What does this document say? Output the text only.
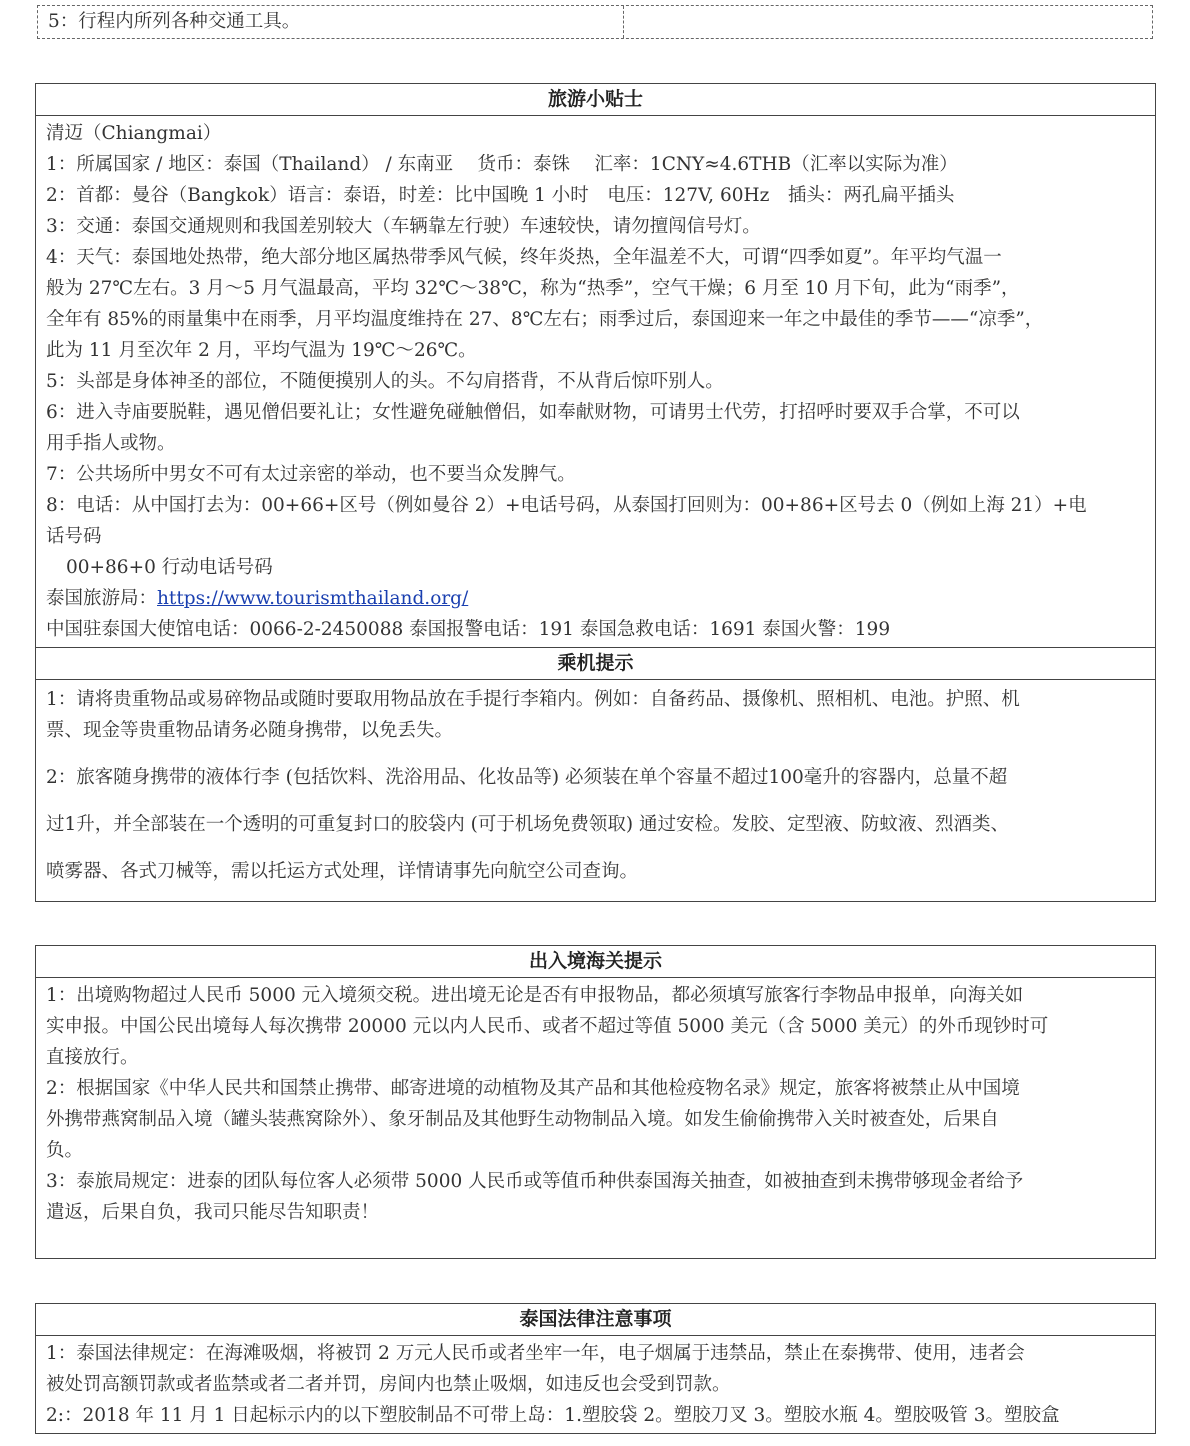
5：行程内所列各种交通工具。
旅游小贴士
清迈（Chiangmai）
1：所属国家 / 地区：泰国（Thailand） / 东南亚　 货币：泰铢　 汇率：1CNY≈4.6THB（汇率以实际为准）
2：首都：曼谷（Bangkok）语言：泰语，时差：比中国晚 1 小时　电压：127V, 60Hz　插头：两孔扁平插头
3：交通：泰国交通规则和我国差别较大（车辆靠左行驶）车速较快，请勿擅闯信号灯。
4：天气：泰国地处热带，绝大部分地区属热带季风气候，终年炎热，全年温差不大，可谓“四季如夏”。年平均气温一
般为 27℃左右。3 月～5 月气温最高，平均 32℃～38℃，称为“热季”，空气干燥；6 月至 10 月下旬，此为“雨季”，
全年有 85%的雨量集中在雨季，月平均温度维持在 27、8℃左右；雨季过后，泰国迎来一年之中最佳的季节——“凉季”，
此为 11 月至次年 2 月，平均气温为 19℃～26℃。
5：头部是身体神圣的部位，不随便摸别人的头。不勾肩搭背，不从背后惊吓别人。
6：进入寺庙要脱鞋，遇见僧侣要礼让；女性避免碰触僧侣，如奉献财物，可请男士代劳，打招呼时要双手合掌，不可以
用手指人或物。
7：公共场所中男女不可有太过亲密的举动，也不要当众发脾气。
8：电话：从中国打去为：00+66+区号（例如曼谷 2）+电话号码，从泰国打回则为：00+86+区号去 0（例如上海 21）+电
话号码
00+86+0 行动电话号码
泰国旅游局：https://www.tourismthailand.org/
中国驻泰国大使馆电话：0066-2-2450088 泰国报警电话：191 泰国急救电话：1691 泰国火警：199
乘机提示
1：请将贵重物品或易碎物品或随时要取用物品放在手提行李箱内。例如：自备药品、摄像机、照相机、电池。护照、机
票、现金等贵重物品请务必随身携带，以免丢失。
2：旅客随身携带的液体行李 (包括饮料、洗浴用品、化妆品等) 必须装在单个容量不超过100毫升的容器内，总量不超
过1升，并全部装在一个透明的可重复封口的胶袋内 (可于机场免费领取) 通过安检。发胶、定型液、防蚊液、烈酒类、
喷雾器、各式刀械等，需以托运方式处理，详情请事先向航空公司查询。
出入境海关提示
1：出境购物超过人民币 5000 元入境须交税。进出境无论是否有申报物品，都必须填写旅客行李物品申报单，向海关如
实申报。中国公民出境每人每次携带 20000 元以内人民币、或者不超过等值 5000 美元（含 5000 美元）的外币现钞时可
直接放行。
2：根据国家《中华人民共和国禁止携带、邮寄进境的动植物及其产品和其他检疫物名录》规定，旅客将被禁止从中国境
外携带燕窝制品入境（罐头装燕窝除外）、象牙制品及其他野生动物制品入境。如发生偷偷携带入关时被查处，后果自
负。
3：泰旅局规定：进泰的团队每位客人必须带 5000 人民币或等值币种供泰国海关抽查，如被抽查到未携带够现金者给予
遣返，后果自负，我司只能尽告知职责！
泰国法律注意事项
1：泰国法律规定：在海滩吸烟，将被罚 2 万元人民币或者坐牢一年，电子烟属于违禁品，禁止在泰携带、使用，违者会
被处罚高额罚款或者监禁或者二者并罚，房间内也禁止吸烟，如违反也会受到罚款。
2:：2018 年 11 月 1 日起标示内的以下塑胶制品不可带上岛：1.塑胶袋 2。塑胶刀叉 3。塑胶水瓶 4。塑胶吸管 3。塑胶盒
